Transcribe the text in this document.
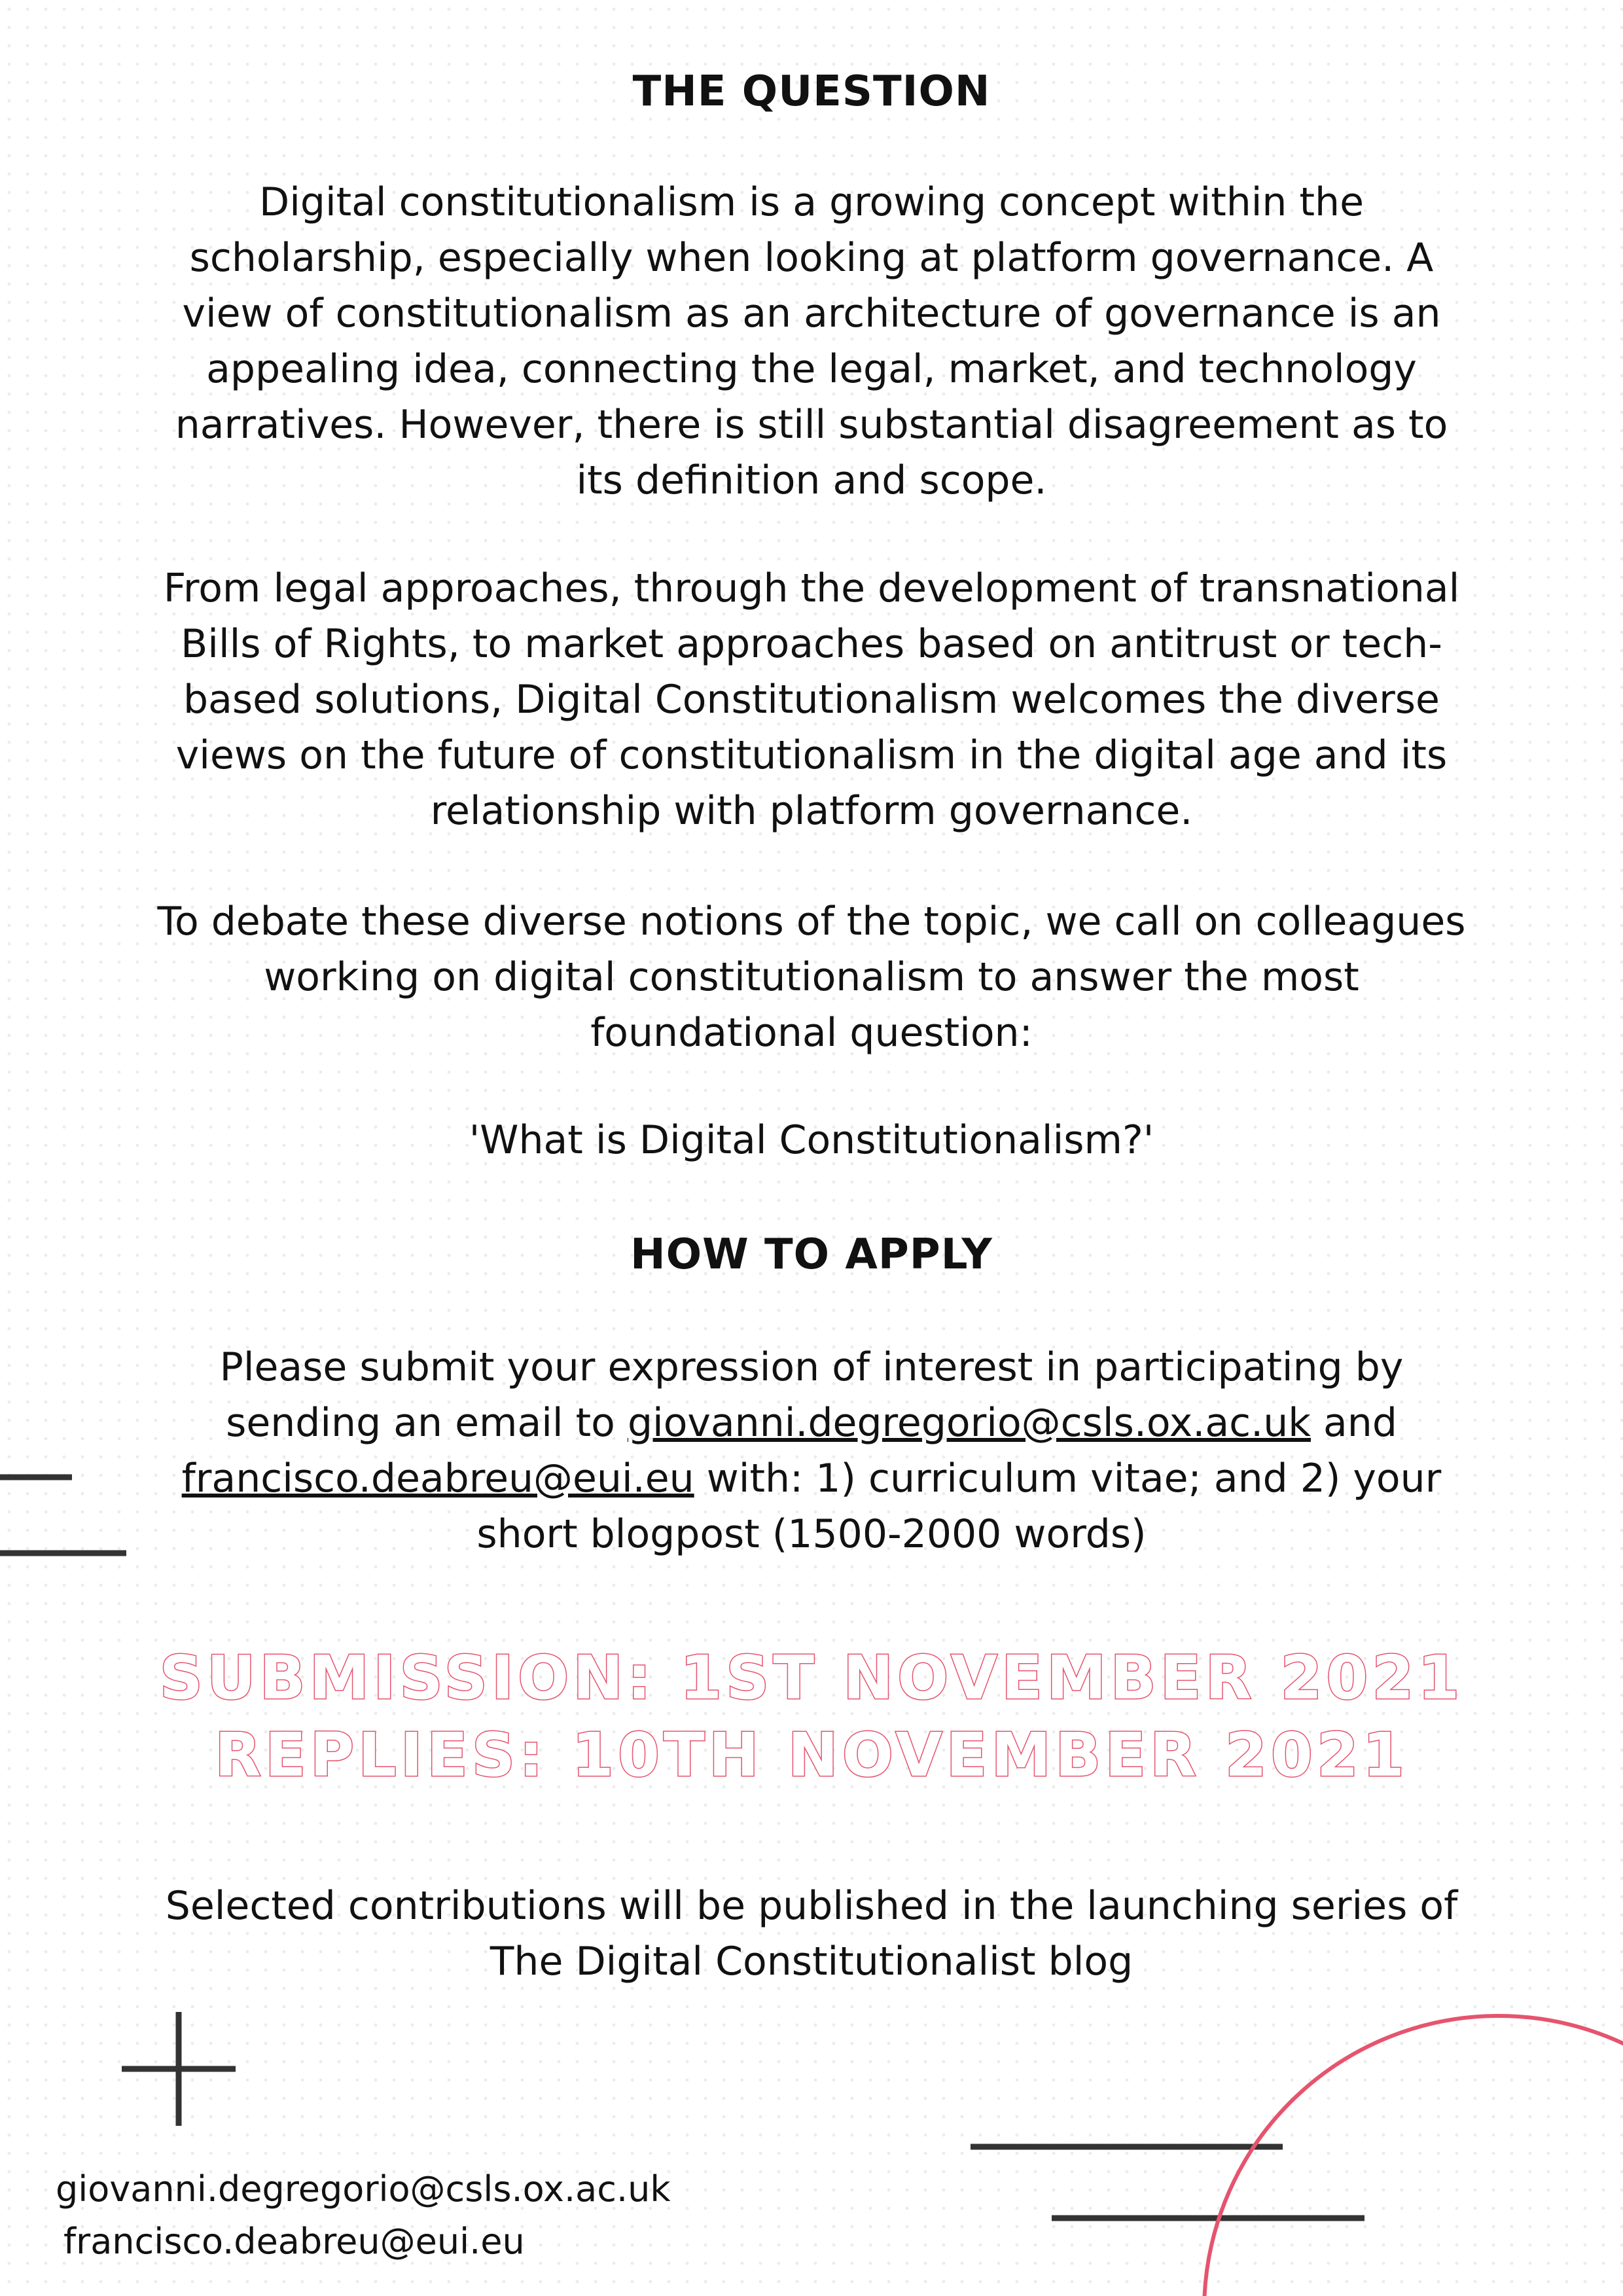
THE QUESTION
Digital constitutionalism is a growing concept within the
scholarship, especially when looking at platform governance. A
view of constitutionalism as an architecture of governance is an
appealing idea, connecting the legal, market, and technology
narratives. However, there is still substantial disagreement as to
its definition and scope.
From legal approaches, through the development of transnational
Bills of Rights, to market approaches based on antitrust or tech-
based solutions, Digital Constitutionalism welcomes the diverse
views on the future of constitutionalism in the digital age and its
relationship with platform governance.
To debate these diverse notions of the topic, we call on colleagues
working on digital constitutionalism to answer the most
foundational question:
'What is Digital Constitutionalism?'
HOW TO APPLY
Please submit your expression of interest in participating by
sending an email to giovanni.degregorio@csls.ox.ac.uk and
francisco.deabreu@eui.eu with: 1) curriculum vitae; and 2) your
short blogpost (1500-2000 words)
SUBMISSION: 1ST NOVEMBER 2021
REPLIES: 10TH NOVEMBER 2021
Selected contributions will be published in the launching series of
The Digital Constitutionalist blog
giovanni.degregorio@csls.ox.ac.uk
francisco.deabreu@eui.eu
